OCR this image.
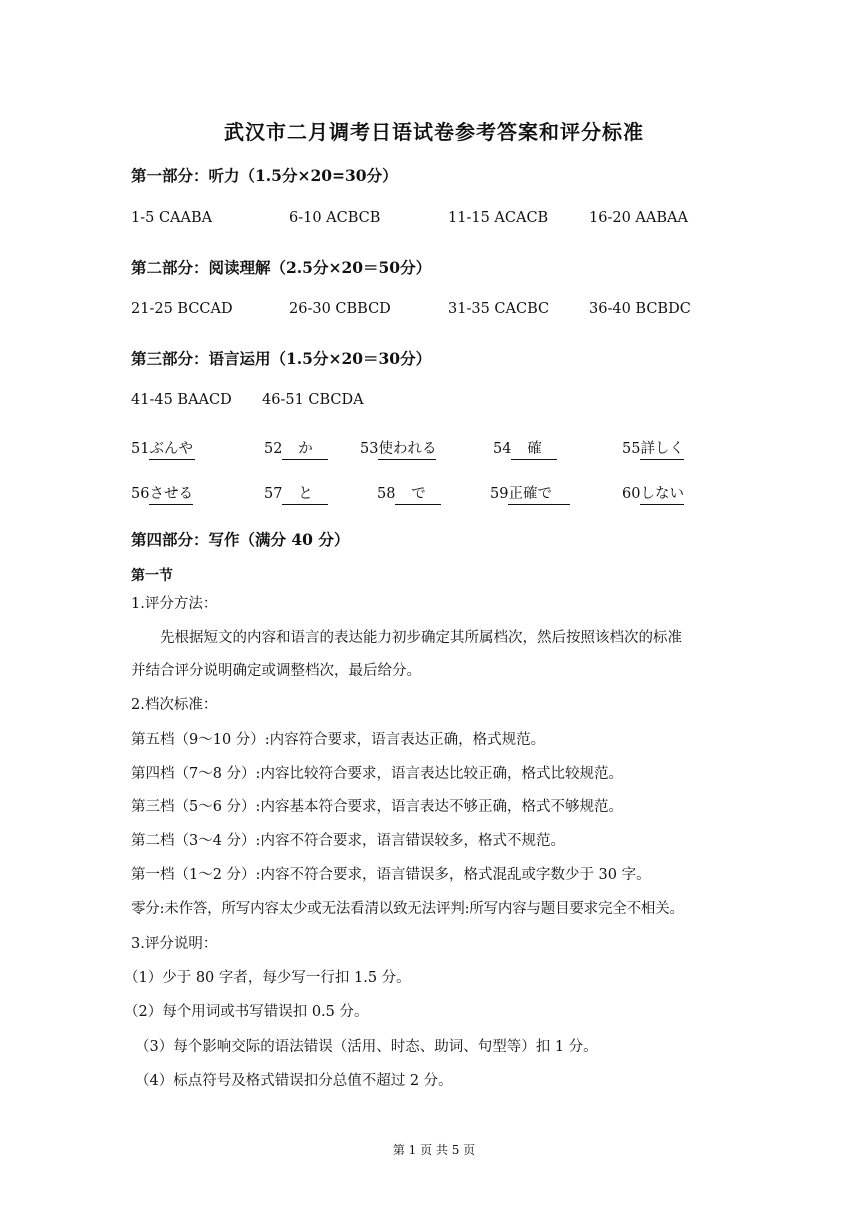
武汉市二月调考日语试卷参考答案和评分标准
第一部分：听力（1.5分×20=30分）
1-5 CAABA	6-10 ACBCB	11-15 ACACB	16-20 AABAA
第二部分：阅读理解（2.5分×20＝50分）
21-25 BCCAD	26-30 CBBCD	31-35 CACBC	36-40 BCBDC
第三部分：语言运用（1.5分×20＝30分）
41-45 BAACD 46-51 CBCDA
51ぶんや	52 か	53使われる	54 確	55詳しく
56させる	57 と	58 で	59正確で	60しない
第四部分：写作（满分 40 分）
第一节
1.评分方法：
先根据短文的内容和语言的表达能力初步确定其所属档次，然后按照该档次的标准
并结合评分说明确定或调整档次，最后给分。
2.档次标准：
第五档（9～10 分）:内容符合要求，语言表达正确，格式规范。
第四档（7～8 分）:内容比较符合要求，语言表达比较正确，格式比较规范。
第三档（5～6 分）:内容基本符合要求，语言表达不够正确，格式不够规范。
第二档（3～4 分）:内容不符合要求，语言错误较多，格式不规范。
第一档（1～2 分）:内容不符合要求，语言错误多，格式混乱或字数少于 30 字。
零分:未作答，所写内容太少或无法看清以致无法评判:所写内容与题目要求完全不相关。
3.评分说明：
（1）少于 80 字者，每少写一行扣 1.5 分。
（2）每个用词或书写错误扣 0.5 分。
（3）每个影响交际的语法错误（活用、时态、助词、句型等）扣 1 分。
（4）标点符号及格式错误扣分总值不超过 2 分。
第 1 页 共 5 页
